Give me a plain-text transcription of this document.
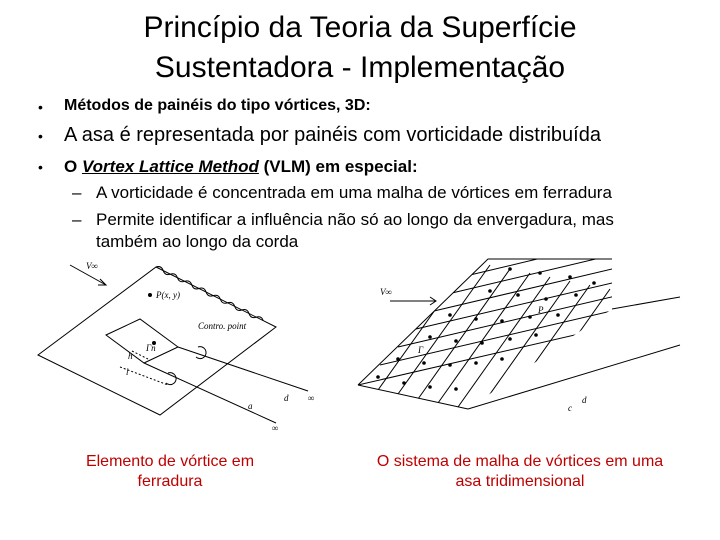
Princípio da Teoria da Superfície
Sustentadora - Implementação
• Métodos de painéis do tipo vórtices, 3D:
• A asa é representada por painéis com vorticidade distribuída
• O Vortex Lattice Method (VLM) em especial:
– A vorticidade é concentrada em uma malha de vórtices em ferradura
– Permite identificar a influência não só ao longo da envergadura, mas
também ao longo da corda
V∞
P(x, y)
Contro. point
Γn
h
l
d
a
∞
∞
V∞
P
Γ
d
c
Elemento de vórtice em
ferradura
O sistema de malha de vórtices em uma
asa tridimensional
